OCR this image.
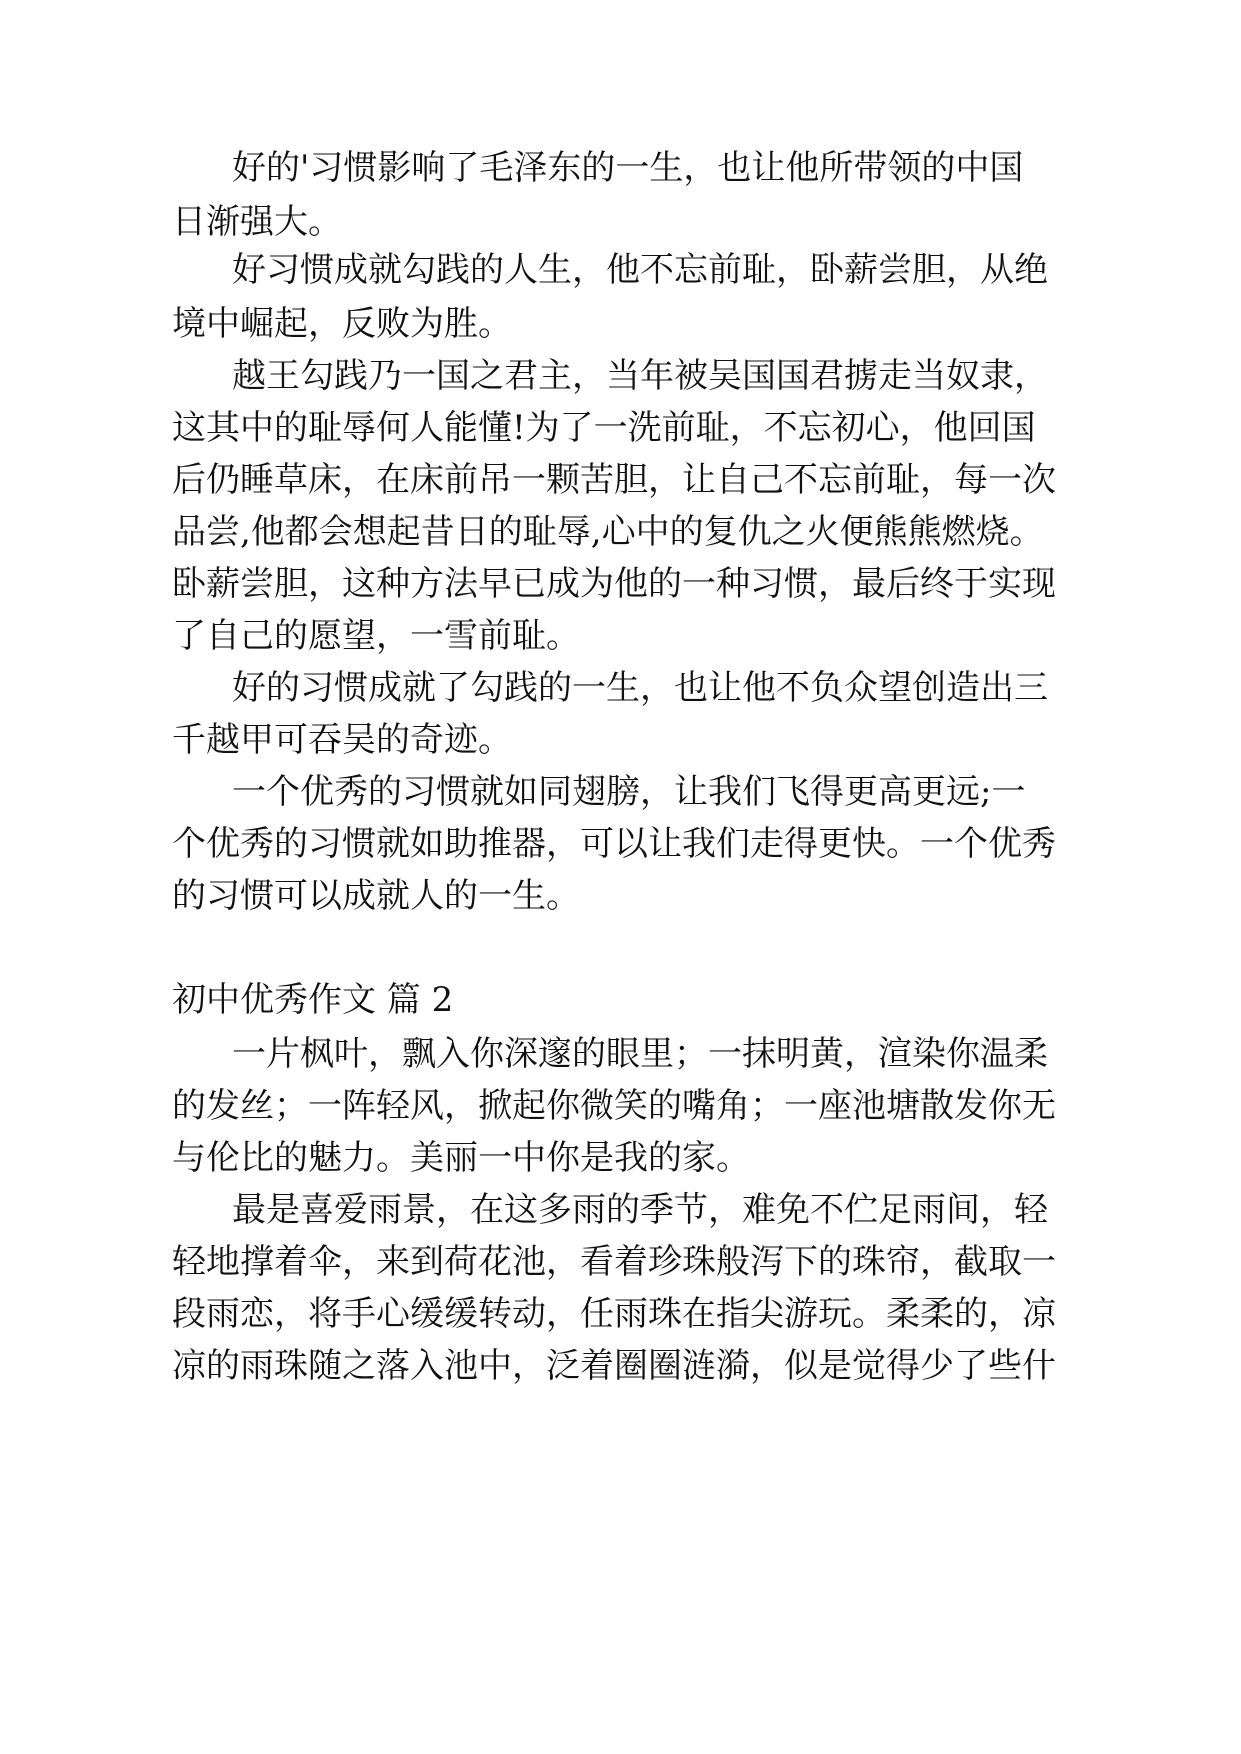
好的'习惯影响了毛泽东的一生，也让他所带领的中国
日渐强大。
好习惯成就勾践的人生，他不忘前耻，卧薪尝胆，从绝
境中崛起，反败为胜。
越王勾践乃一国之君主，当年被吴国国君掳走当奴隶，
这其中的耻辱何人能懂!为了一洗前耻，不忘初心，他回国
后仍睡草床，在床前吊一颗苦胆，让自己不忘前耻，每一次
品尝,他都会想起昔日的耻辱,心中的复仇之火便熊熊燃烧。
卧薪尝胆，这种方法早已成为他的一种习惯，最后终于实现
了自己的愿望，一雪前耻。
好的习惯成就了勾践的一生，也让他不负众望创造出三
千越甲可吞吴的奇迹。
一个优秀的习惯就如同翅膀，让我们飞得更高更远;一
个优秀的习惯就如助推器，可以让我们走得更快。一个优秀
的习惯可以成就人的一生。
初中优秀作文 篇 2
一片枫叶，飘入你深邃的眼里；一抹明黄，渲染你温柔
的发丝；一阵轻风，掀起你微笑的嘴角；一座池塘散发你无
与伦比的魅力。美丽一中你是我的家。
最是喜爱雨景，在这多雨的季节，难免不伫足雨间，轻
轻地撑着伞，来到荷花池，看着珍珠般泻下的珠帘，截取一
段雨恋，将手心缓缓转动，任雨珠在指尖游玩。柔柔的，凉
凉的雨珠随之落入池中，泛着圈圈涟漪，似是觉得少了些什
